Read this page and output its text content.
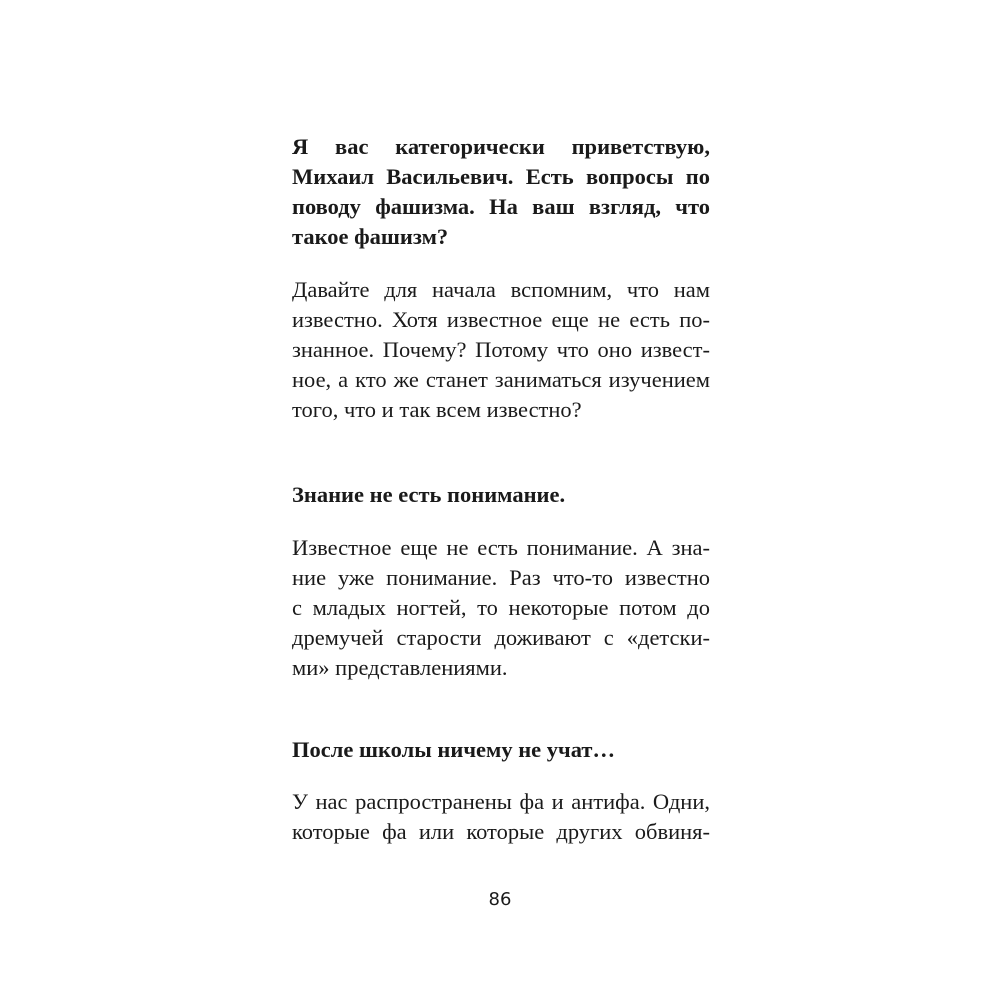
Я вас категорически приветствую,
Михаил Васильевич. Есть вопросы по
поводу фашизма. На ваш взгляд, что
такое фашизм?
Давайте для начала вспомним, что нам
известно. Хотя известное еще не есть по-
знанное. Почему? Потому что оно извест-
ное, а кто же станет заниматься изучением
того, что и так всем известно?
Знание не есть понимание.
Известное еще не есть понимание. А зна-
ние уже понимание. Раз что-то известно
с младых ногтей, то некоторые потом до
дремучей старости доживают с «детски-
ми» представлениями.
После школы ничему не учат…
У нас распространены фа и антифа. Одни,
которые фа или которые других обвиня-
86
